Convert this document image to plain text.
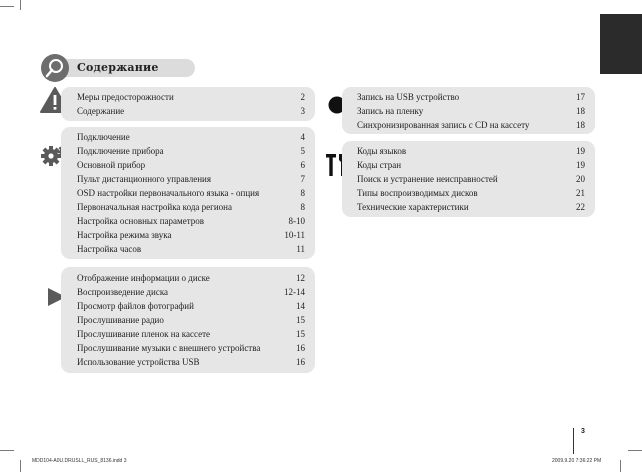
Содержание
Меры предосторожности	2
Содержание	3
Подключение	4
Подключение прибора	5
Основной прибор	6
Пульт дистанционного управления	7
OSD настройки первоначального языка - опция	8
Первоначальная настройка кода региона	8
Настройка основных параметров	8-10
Настройка режима звука	10-11
Настройка часов	11
Отображение информации о диске	12
Воспроизведение диска	12-14
Просмотр файлов фотографий	14
Прослушивание радио	15
Прослушивание пленок на кассете	15
Прослушивание музыки с внешнего устройства	16
Использование устройства USB	16
Запись на USB устройство	17
Запись на пленку	18
Синхронизированная запись с CD на кассету	18
Коды языков	19
Коды стран	19
Поиск и устранение неисправностей	20
Типы воспроизводимых дисков	21
Технические характеристики	22
3
MDD104-A0U.DRUSLL_RUS_8136.indd 3	2009.9.20 7:36:22 PM
